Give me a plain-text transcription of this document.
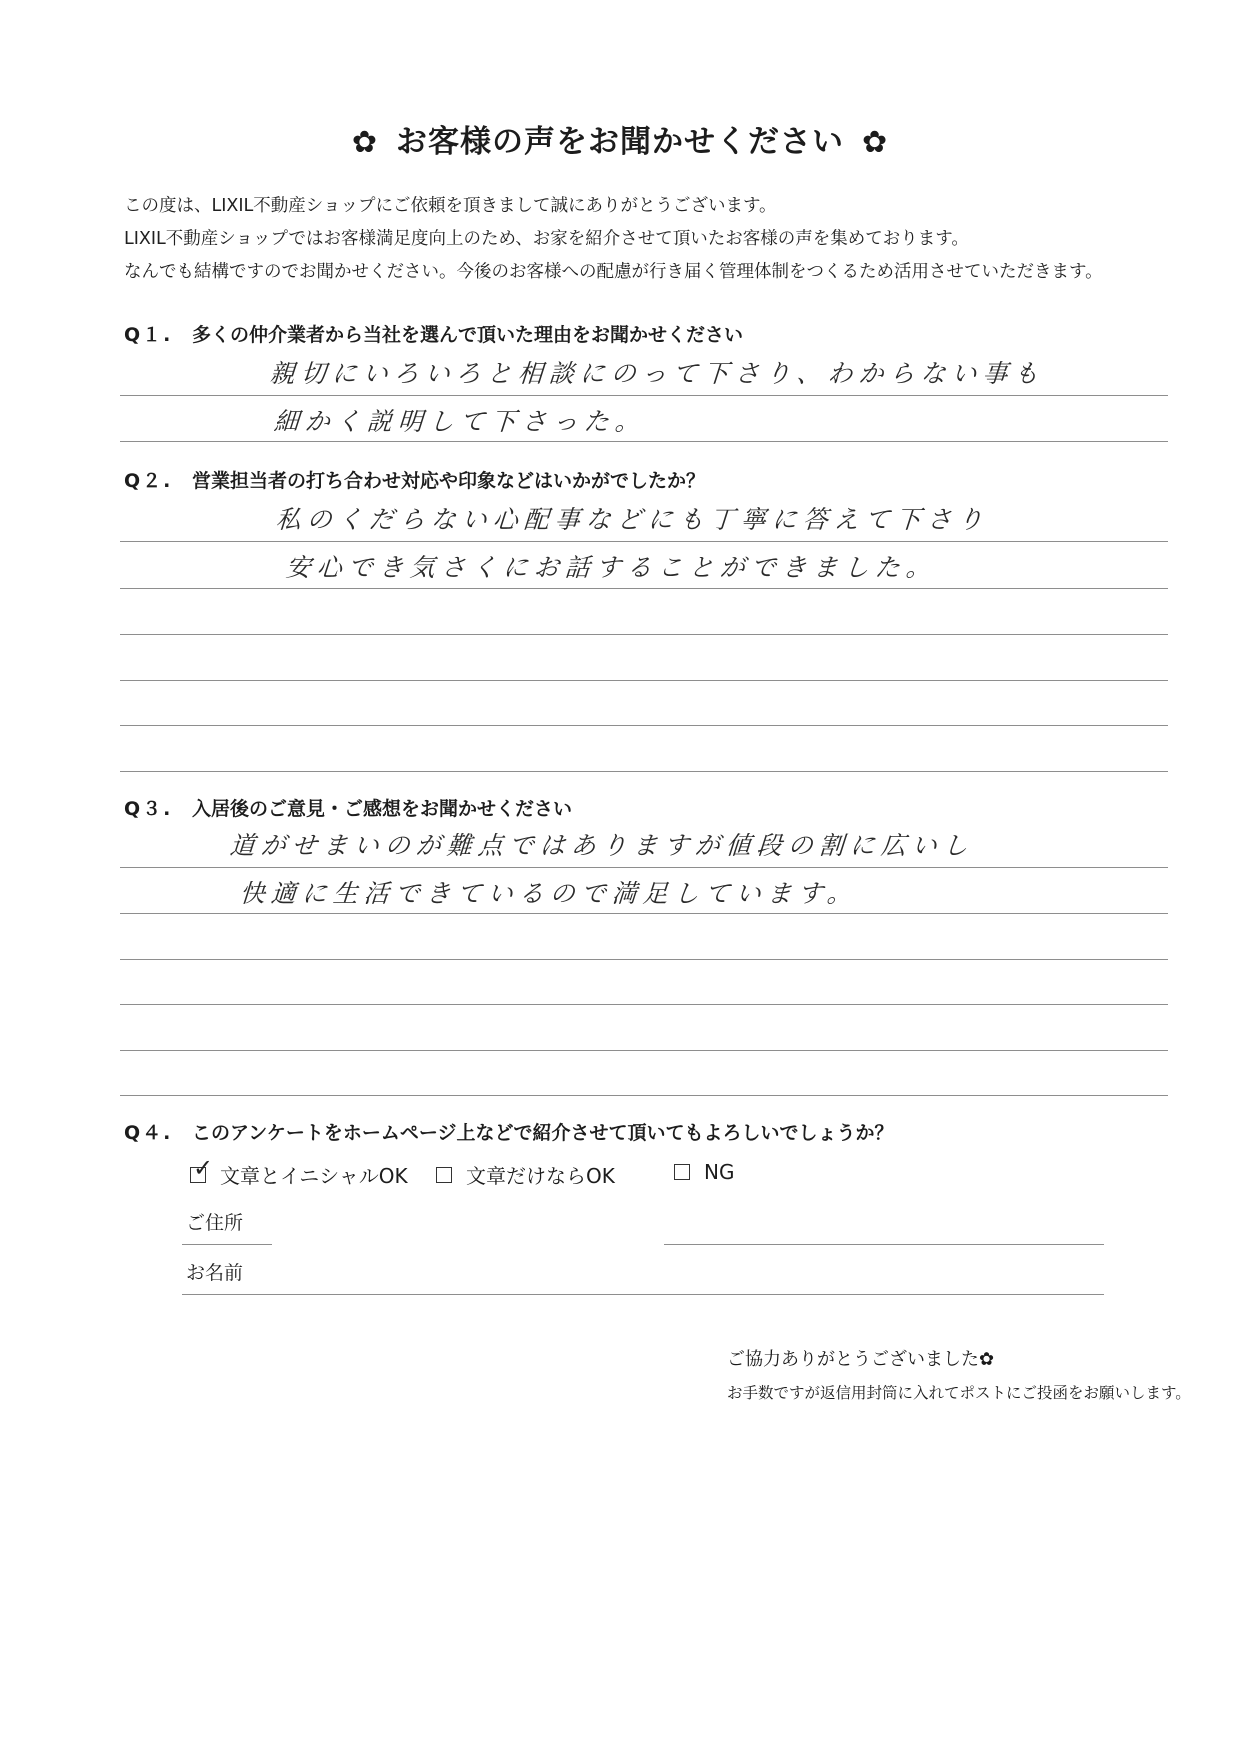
✿ お客様の声をお聞かせください ✿
この度は、LIXIL不動産ショップにご依頼を頂きまして誠にありがとうございます。
LIXIL不動産ショップではお客様満足度向上のため、お家を紹介させて頂いたお客様の声を集めております。
なんでも結構ですのでお聞かせください。今後のお客様への配慮が行き届く管理体制をつくるため活用させていただきます。
Q１. 多くの仲介業者から当社を選んで頂いた理由をお聞かせください
親切にいろいろと相談にのって下さり、わからない事も
細かく説明して下さった。
Q２. 営業担当者の打ち合わせ対応や印象などはいかがでしたか？
私のくだらない心配事などにも丁寧に答えて下さり
安心でき気さくにお話することができました。
Q３. 入居後のご意見・ご感想をお聞かせください
道がせまいのが難点ではありますが値段の割に広いし
快適に生活できているので満足しています。
Q４. このアンケートをホームページ上などで紹介させて頂いてもよろしいでしょうか？
✓ 文章とイニシャルOK	文章だけならOK	NG
ご住所
お名前
ご協力ありがとうございました✿
お手数ですが返信用封筒に入れてポストにご投函をお願いします。
